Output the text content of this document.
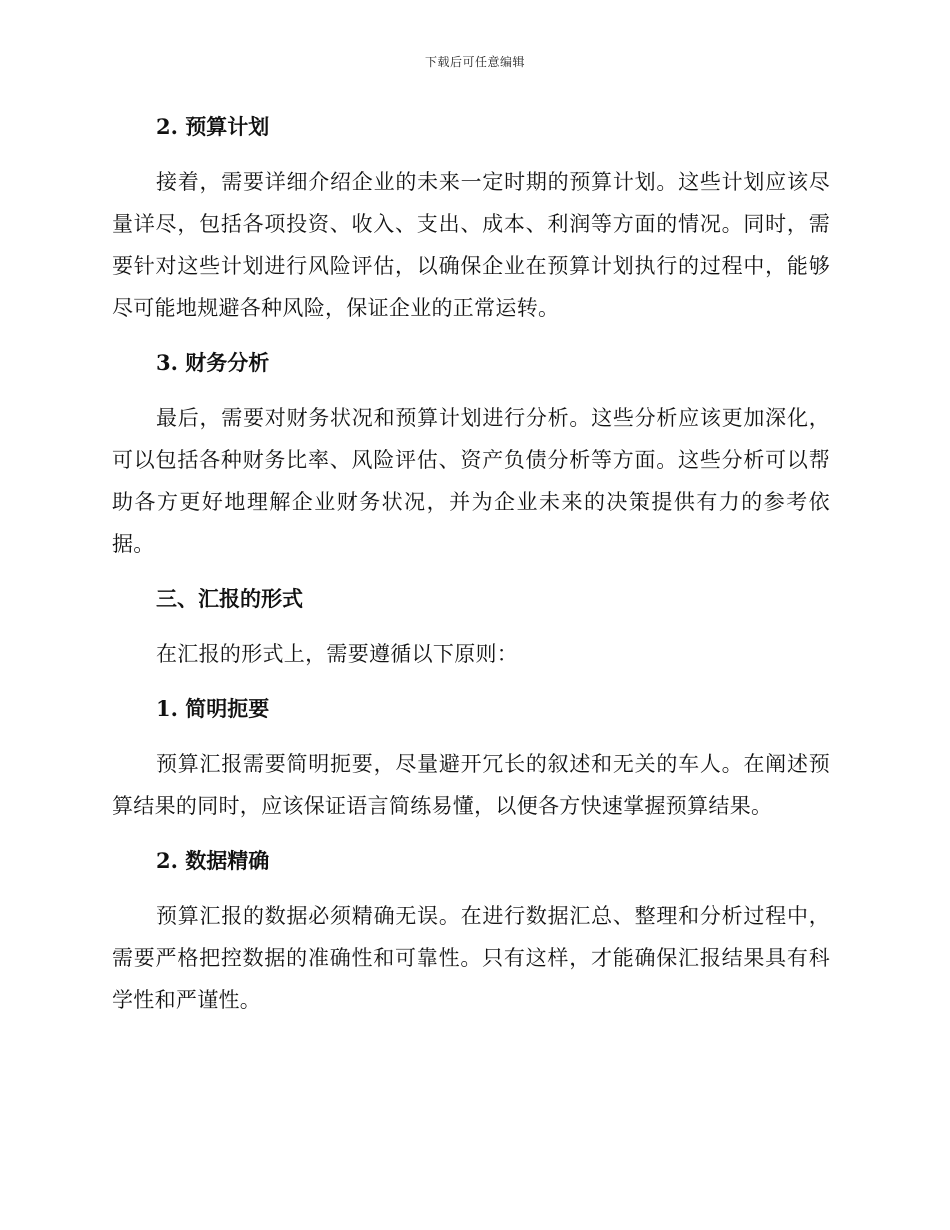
下载后可任意编辑
2. 预算计划

接着，需要详细介绍企业的未来一定时期的预算计划。这些计划应该尽量详尽，包括各项投资、收入、支出、成本、利润等方面的情况。同时，需要针对这些计划进行风险评估，以确保企业在预算计划执行的过程中，能够尽可能地规避各种风险，保证企业的正常运转。

3. 财务分析

最后，需要对财务状况和预算计划进行分析。这些分析应该更加深化，可以包括各种财务比率、风险评估、资产负债分析等方面。这些分析可以帮助各方更好地理解企业财务状况，并为企业未来的决策提供有力的参考依据。

三、汇报的形式

在汇报的形式上，需要遵循以下原则：

1. 简明扼要

预算汇报需要简明扼要，尽量避开冗长的叙述和无关的车人。在阐述预算结果的同时，应该保证语言简练易懂，以便各方快速掌握预算结果。

2. 数据精确

预算汇报的数据必须精确无误。在进行数据汇总、整理和分析过程中，需要严格把控数据的准确性和可靠性。只有这样，才能确保汇报结果具有科学性和严谨性。
